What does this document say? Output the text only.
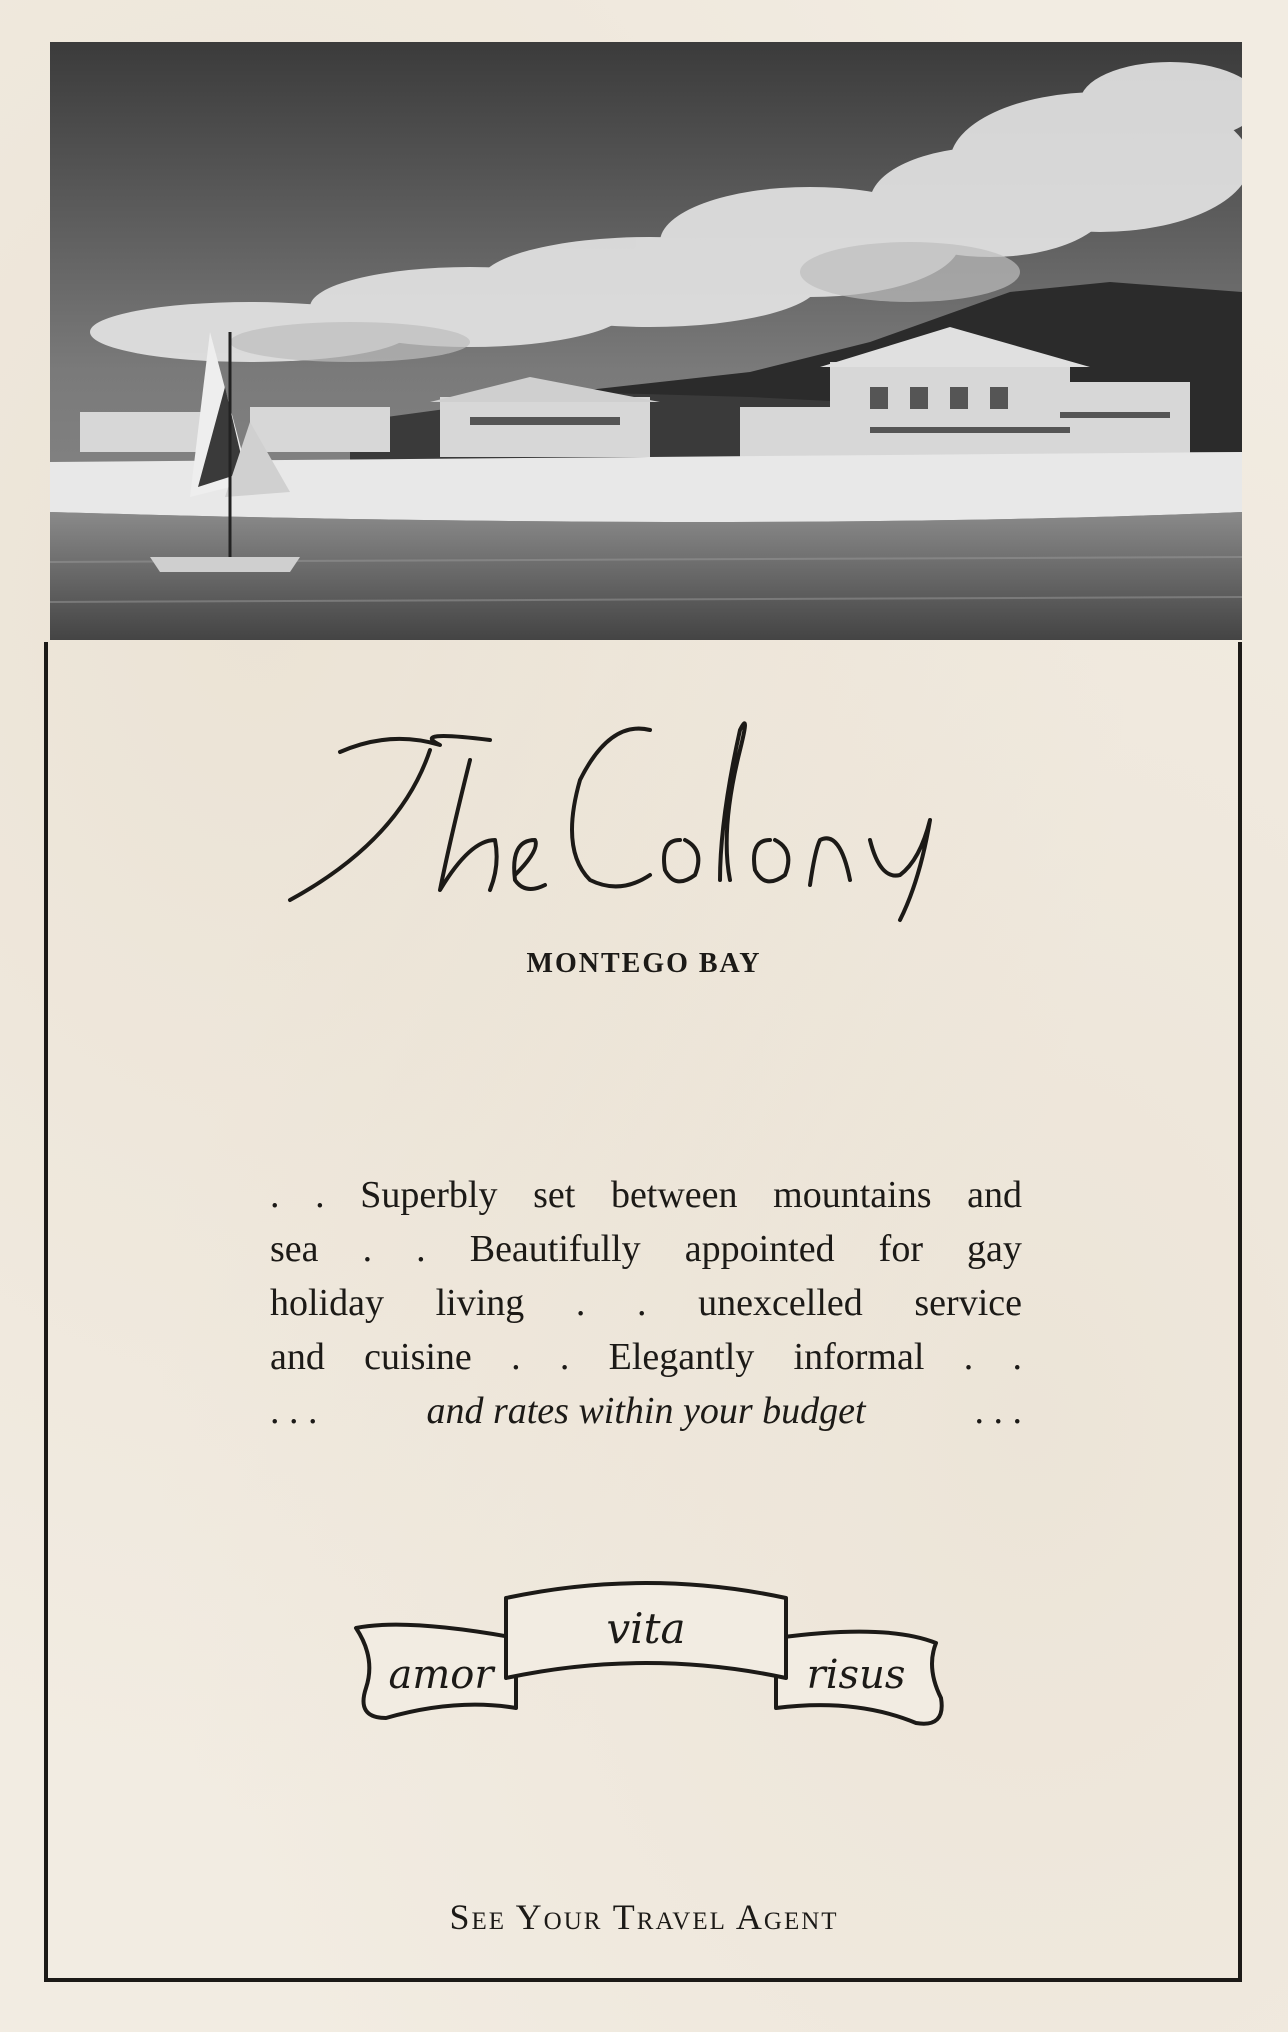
MONTEGO BAY
. . Superbly set between mountains and
sea . . Beautifully appointed for gay
holiday living . . unexcelled service
and cuisine . . Elegantly informal . .
. . .	and rates within your budget	. . .
amor
vita
risus
See Your Travel Agent
